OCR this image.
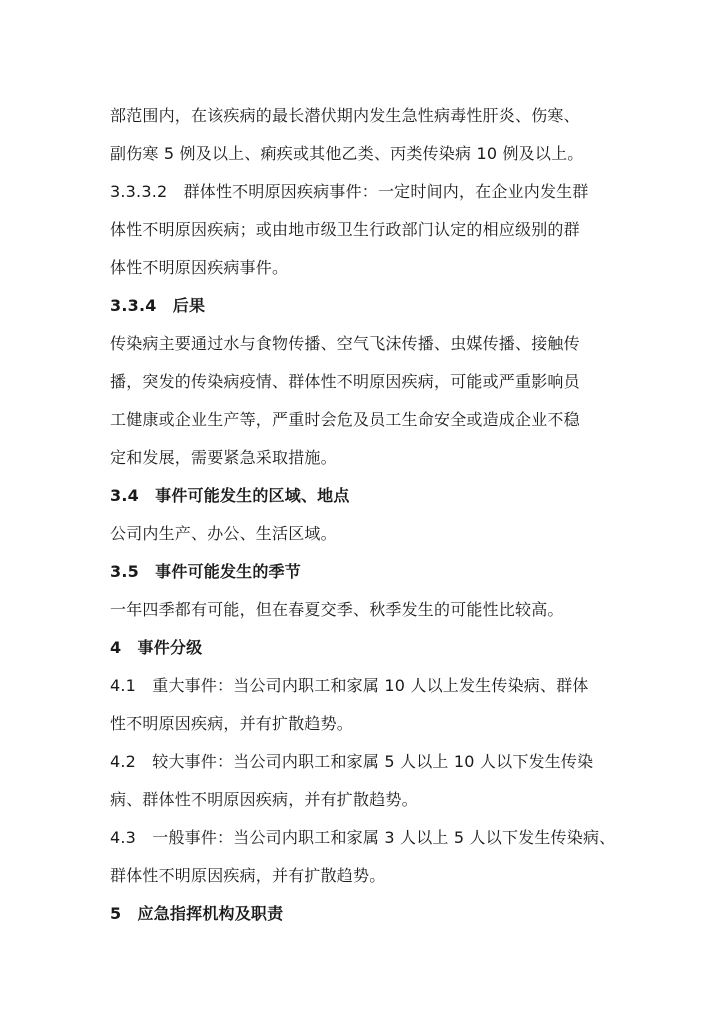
部范围内，在该疾病的最长潜伏期内发生急性病毒性肝炎、伤寒、
副伤寒 5 例及以上、痢疾或其他乙类、丙类传染病 10 例及以上。
3.3.3.2　群体性不明原因疾病事件：一定时间内，在企业内发生群
体性不明原因疾病；或由地市级卫生行政部门认定的相应级别的群
体性不明原因疾病事件。
3.3.4　后果
传染病主要通过水与食物传播、空气飞沫传播、虫媒传播、接触传
播，突发的传染病疫情、群体性不明原因疾病，可能或严重影响员
工健康或企业生产等，严重时会危及员工生命安全或造成企业不稳
定和发展，需要紧急采取措施。
3.4　事件可能发生的区域、地点
公司内生产、办公、生活区域。
3.5　事件可能发生的季节
一年四季都有可能，但在春夏交季、秋季发生的可能性比较高。
4　事件分级
4.1　重大事件：当公司内职工和家属 10 人以上发生传染病、群体
性不明原因疾病，并有扩散趋势。
4.2　较大事件：当公司内职工和家属 5 人以上 10 人以下发生传染
病、群体性不明原因疾病，并有扩散趋势。
4.3　一般事件：当公司内职工和家属 3 人以上 5 人以下发生传染病、
群体性不明原因疾病，并有扩散趋势。
5　应急指挥机构及职责
